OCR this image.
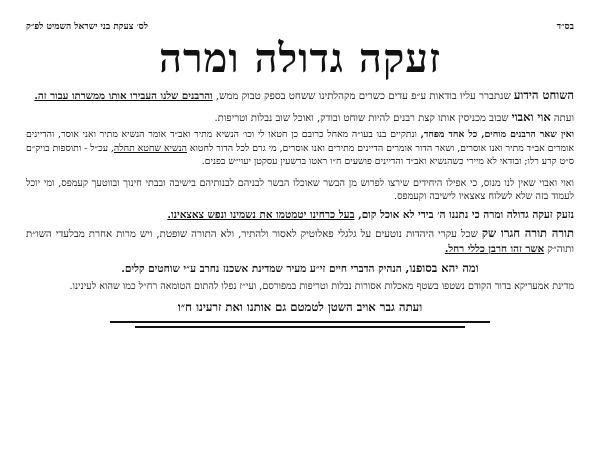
בס״ד
לס׳ צעקת בני ישראל השמיט לפ״ק
זעקה גדולה ומרה

השוחט הידוע שנתברר עליו בודאות ע״פ עדים כשרים מקהלתינו ששחט בספק טבוק ממש, והרבנים שלנו העבירו אותו ממשרתו עבור זה.

ועתה אוי ואבוי שבוב מכניסין אותו קצת רבנים להיות שוחט ובודק, ואוכל שוב נבלות וטריפות.

ואין שאר הרבנים מוחים, כל אחד מפחד, ונתקיים בנו בעו״ה מאחל כרובם כן חטאו לי וכו׳ הנשיא מתיר ואב״ד אומר הנשיא מתיר ואני אוסר, והדיינים אומרים אב״ד מתיר ואנו אוסרים, ושאר הדור אומרים הדיינים מתירים ואנו אוסרים, מי גרם לכל הדור לחטוא הנשיא שחטא תחלה, עכ״ל - ותוספות בויק״ם ס״ט קרע רלו; ובודאי לא מיירי כשהנשיא ואב״ד והדיינים פושעים ח״ו ראטו ברשעין עסקטן יעוי״ש בפנים.

ואוי ואבוי שאין לנו מנוס, כי אפילו היחידים שירצו לפרוש מן הבשר שאוכלו הבשר לבניהם לבנותיהם בישיבה ובבתי חינוך ובווטעך קעמפס, ומי יוכל לעמוד בזה שלא לשלוח צאצאיו לישיבה וקעמפס.

נזעק זעקה גדולה ומרה כי נתננו ה׳ בידי לא אוכל קום, בעל כרחינו יטמטמו את נשמינו ונפש צאצאינו.

תורה תורה חגרו שק שכל עקרי היהדות נוטעים על גלגלי פאלוטיק לאסור ולהתיר, ולא התורה שופטת, ויש מרות אחרת מבלעדי השו״ת ותוה״ק אשר זהו חרבן כללי רחל.

ומה יהא בסופנו, הנהיק הדברי חיים זי״ע מעיר שמדינת אשכנז נחרב ע״י שוחטים קלים.

מדינת אמעריקא בדור הקודם נשטפו בשטף מאכלות אסורות נבלות וטריפות במפורסם, ועי״ז נפלו להתום הטומאה רח״ל כמו שהוא לעינינו.

ועתה גבר אויב השטן לטמטם גם אותנו ואת זרעינו ח״ו
